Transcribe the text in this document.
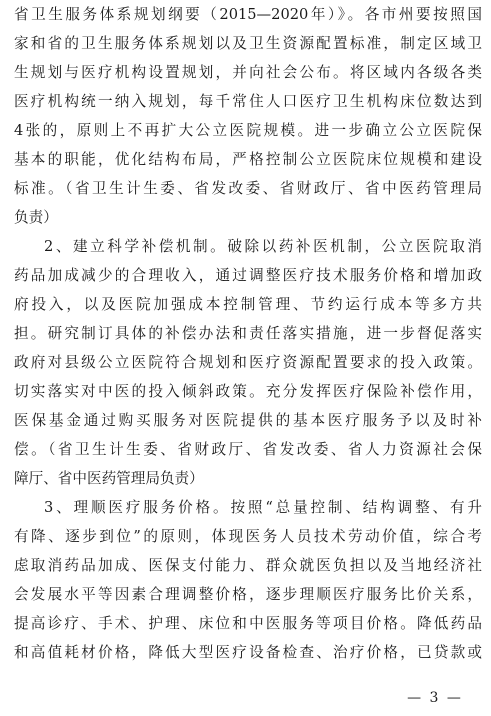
省卫生服务体系规划纲要（2015—2020年）》。各市州要按照国
家和省的卫生服务体系规划以及卫生资源配置标准，制定区域卫
生规划与医疗机构设置规划，并向社会公布。将区域内各级各类
医疗机构统一纳入规划，每千常住人口医疗卫生机构床位数达到
4张的，原则上不再扩大公立医院规模。进一步确立公立医院保
基本的职能，优化结构布局，严格控制公立医院床位规模和建设
标准。（省卫生计生委、省发改委、省财政厅、省中医药管理局
负责）
2、建立科学补偿机制。破除以药补医机制，公立医院取消
药品加成减少的合理收入，通过调整医疗技术服务价格和增加政
府投入，以及医院加强成本控制管理、节约运行成本等多方共
担。研究制订具体的补偿办法和责任落实措施，进一步督促落实
政府对县级公立医院符合规划和医疗资源配置要求的投入政策。
切实落实对中医的投入倾斜政策。充分发挥医疗保险补偿作用，
医保基金通过购买服务对医院提供的基本医疗服务予以及时补
偿。（省卫生计生委、省财政厅、省发改委、省人力资源社会保
障厅、省中医药管理局负责）
3、理顺医疗服务价格。按照“总量控制、结构调整、有升
有降、逐步到位”的原则，体现医务人员技术劳动价值，综合考
虑取消药品加成、医保支付能力、群众就医负担以及当地经济社
会发展水平等因素合理调整价格，逐步理顺医疗服务比价关系，
提高诊疗、手术、护理、床位和中医服务等项目价格。降低药品
和高值耗材价格，降低大型医疗设备检查、治疗价格，已贷款或
— 3 —
